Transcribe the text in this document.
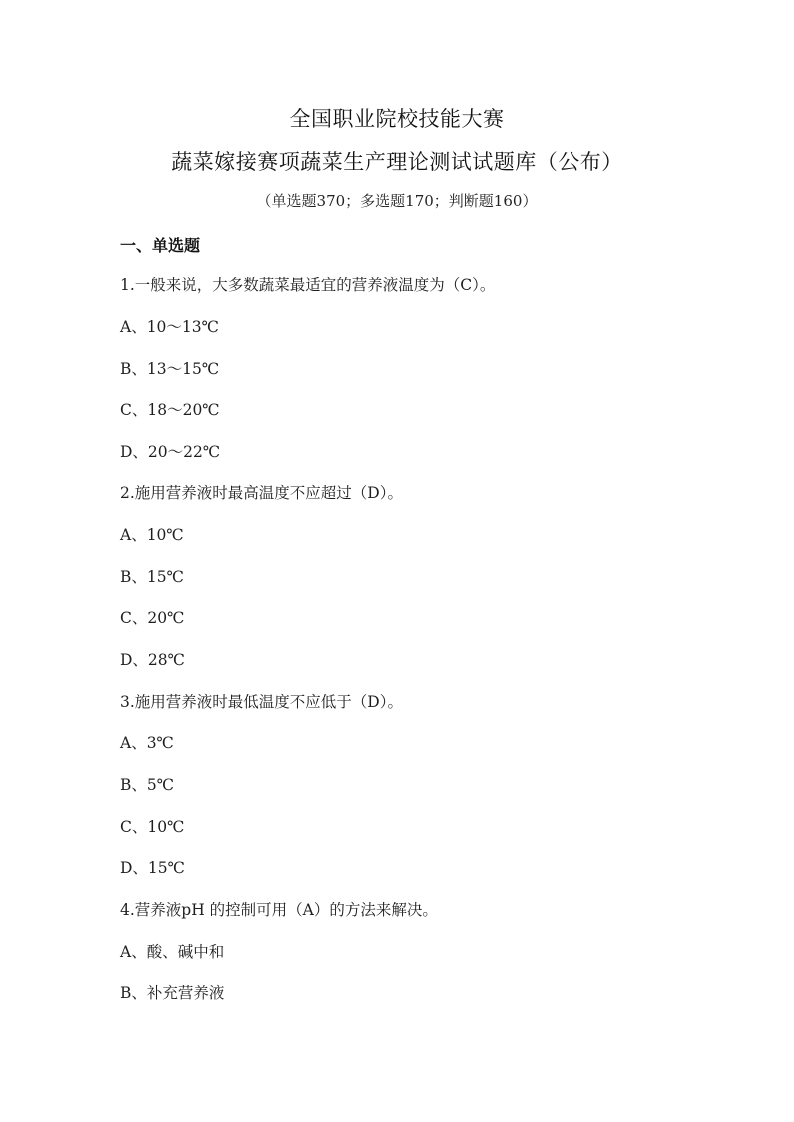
全国职业院校技能大赛
蔬菜嫁接赛项蔬菜生产理论测试试题库（公布）
（单选题370；多选题170；判断题160）
一、单选题
1.一般来说，大多数蔬菜最适宜的营养液温度为（C）。
A、10～13℃
B、13～15℃
C、18～20℃
D、20～22℃
2.施用营养液时最高温度不应超过（D）。
A、10℃
B、15℃
C、20℃
D、28℃
3.施用营养液时最低温度不应低于（D）。
A、3℃
B、5℃
C、10℃
D、15℃
4.营养液pH 的控制可用（A）的方法来解决。
A、酸、碱中和
B、补充营养液
